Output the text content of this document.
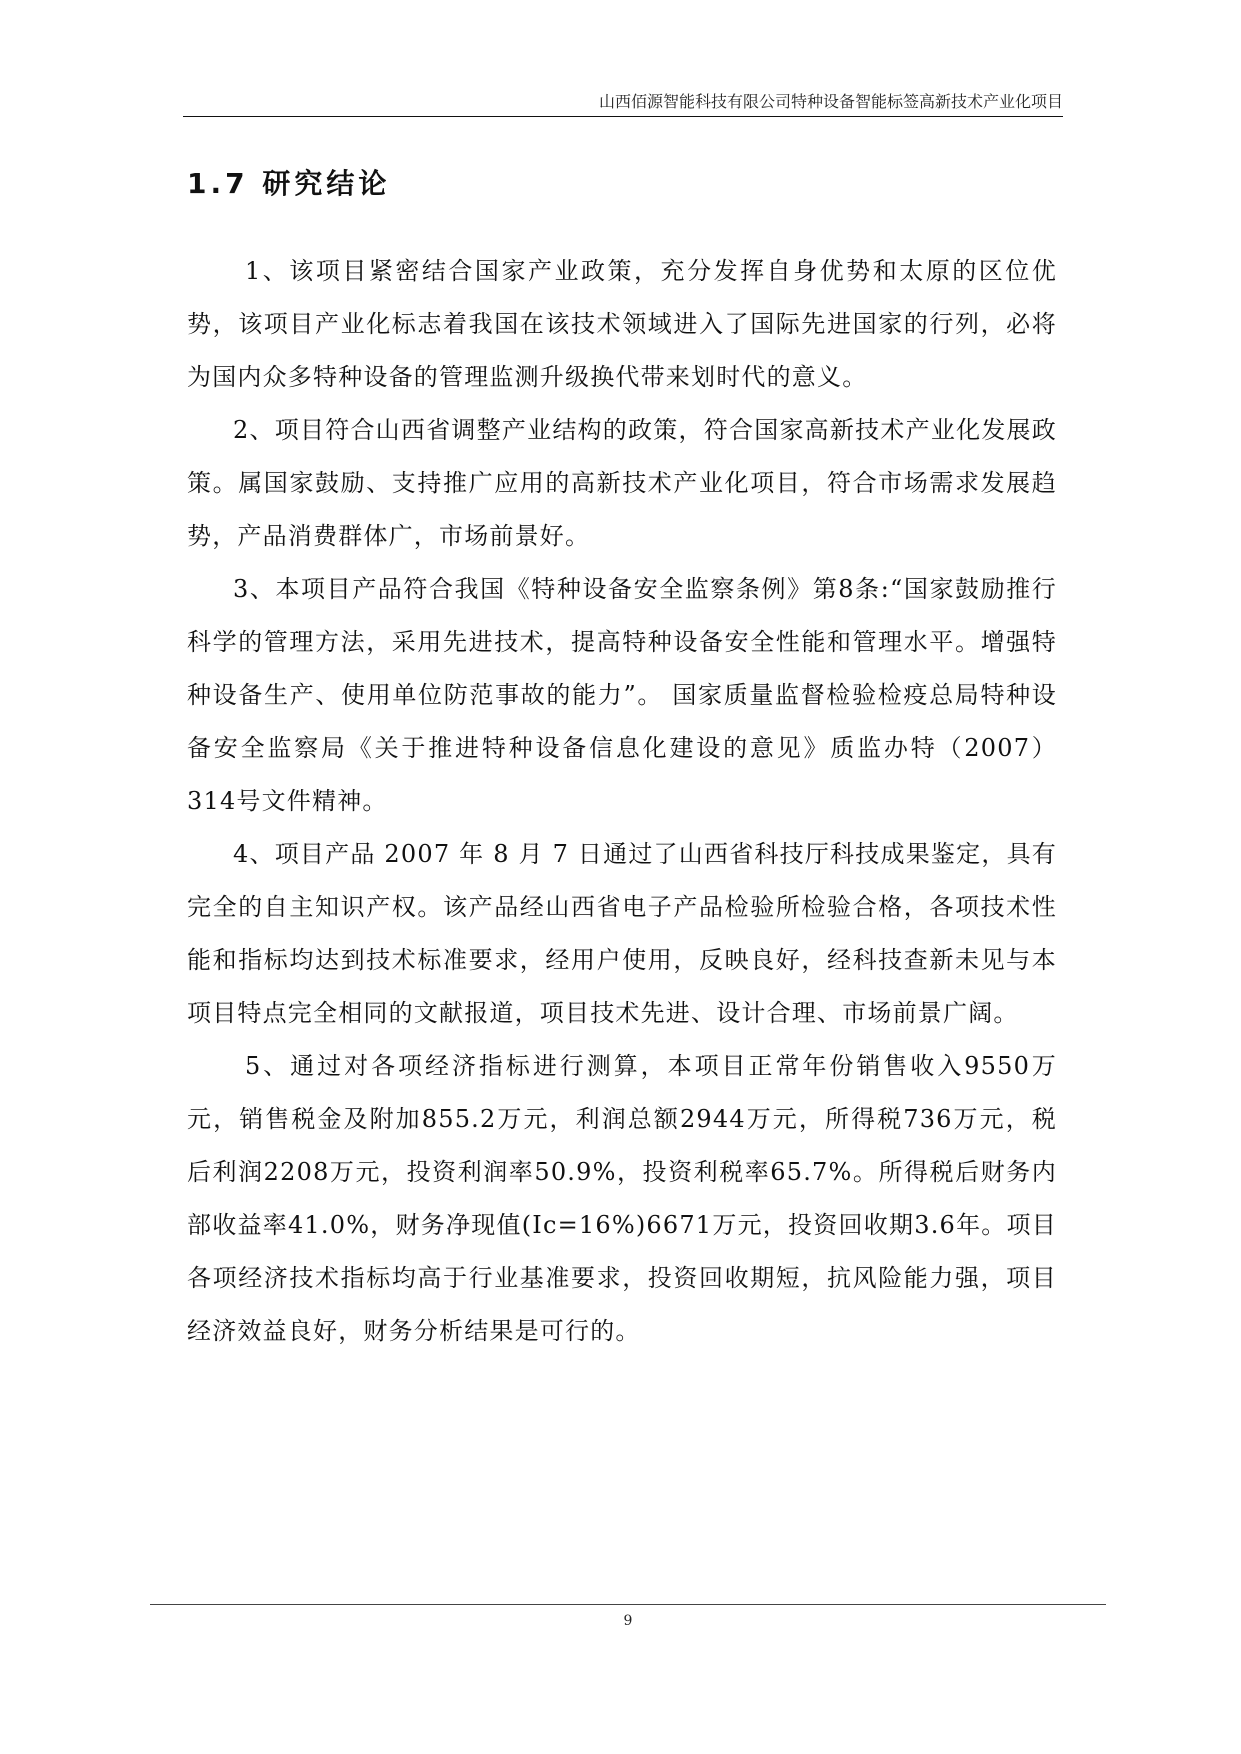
山西佰源智能科技有限公司特种设备智能标签高新技术产业化项目
1.7 研究结论

1、该项目紧密结合国家产业政策，充分发挥自身优势和太原的区位优势，该项目产业化标志着我国在该技术领域进入了国际先进国家的行列，必将为国内众多特种设备的管理监测升级换代带来划时代的意义。

2、项目符合山西省调整产业结构的政策，符合国家高新技术产业化发展政策。属国家鼓励、支持推广应用的高新技术产业化项目，符合市场需求发展趋势，产品消费群体广，市场前景好。

3、本项目产品符合我国《特种设备安全监察条例》第8条:“国家鼓励推行科学的管理方法，采用先进技术，提高特种设备安全性能和管理水平。增强特种设备生产、使用单位防范事故的能力”。 国家质量监督检验检疫总局特种设备安全监察局《关于推进特种设备信息化建设的意见》质监办特（2007）314号文件精神。

4、项目产品 2007 年 8 月 7 日通过了山西省科技厅科技成果鉴定，具有完全的自主知识产权。该产品经山西省电子产品检验所检验合格，各项技术性能和指标均达到技术标准要求，经用户使用，反映良好，经科技查新未见与本项目特点完全相同的文献报道，项目技术先进、设计合理、市场前景广阔。

5、通过对各项经济指标进行测算，本项目正常年份销售收入9550万元，销售税金及附加855.2万元，利润总额2944万元，所得税736万元，税后利润2208万元，投资利润率50.9%，投资利税率65.7%。所得税后财务内部收益率41.0%，财务净现值(Ic=16%)6671万元，投资回收期3.6年。项目各项经济技术指标均高于行业基准要求，投资回收期短，抗风险能力强，项目经济效益良好，财务分析结果是可行的。

9
